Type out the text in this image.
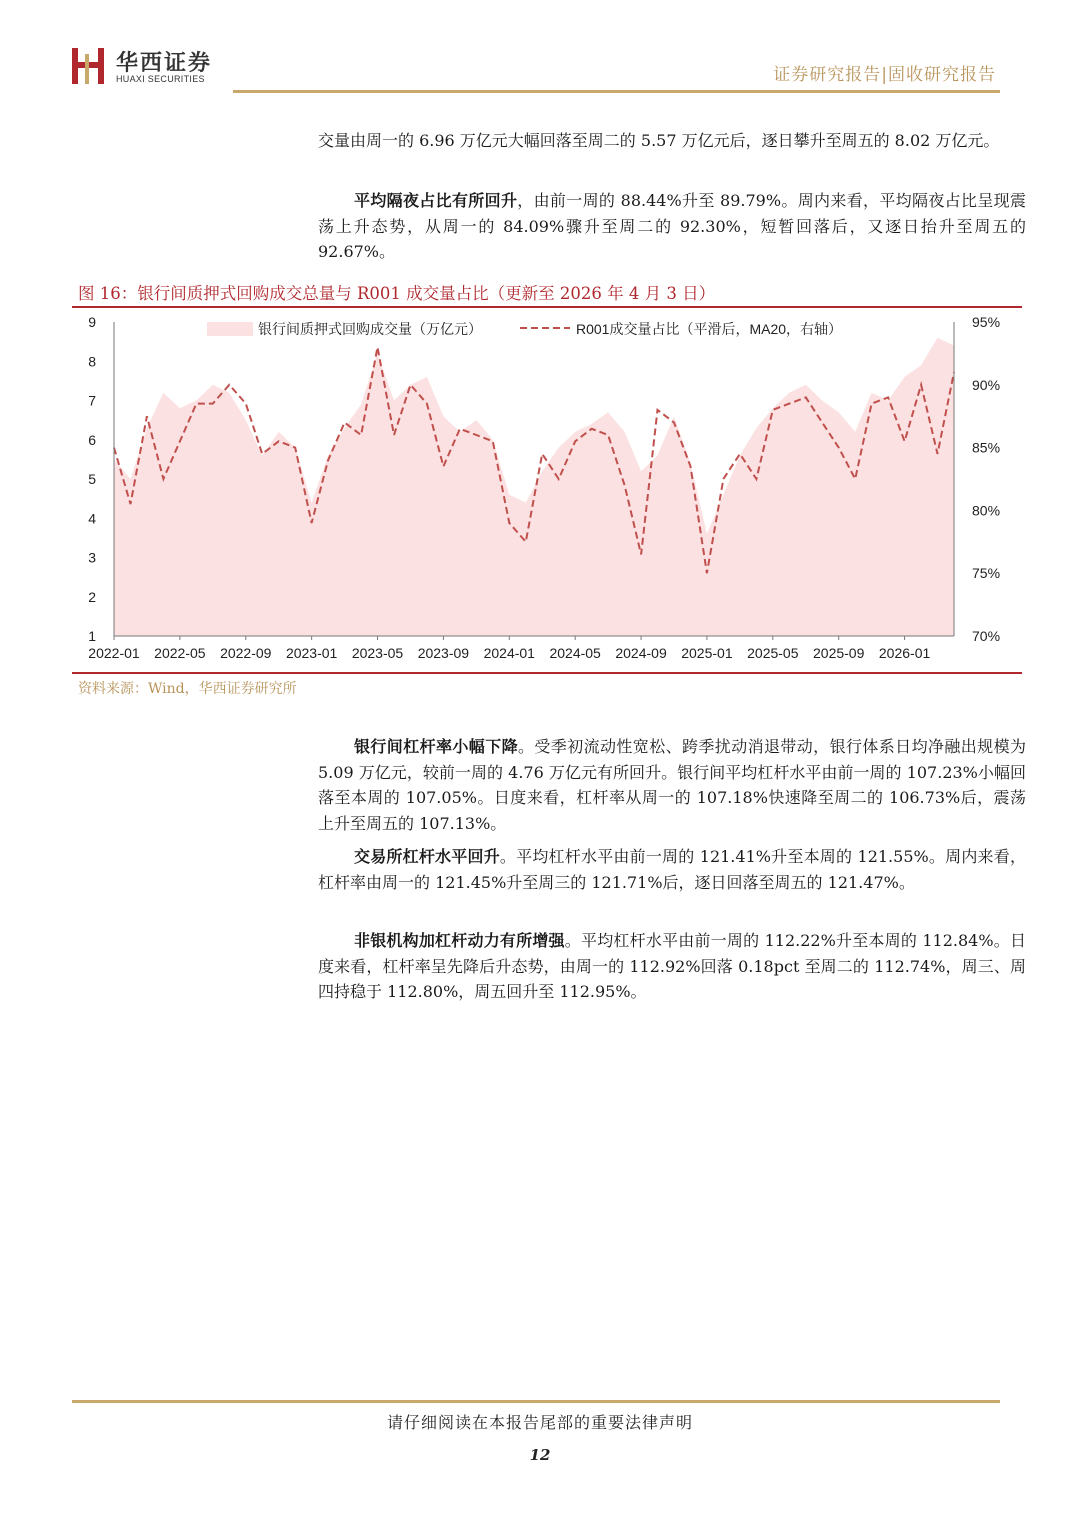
华西证券
HUAXI SECURITIES	证券研究报告|固收研究报告

交量由周一的 6.96 万亿元大幅回落至周二的 5.57 万亿元后，逐日攀升至周五的 8.02 万亿元。

平均隔夜占比有所回升，由前一周的 88.44%升至 89.79%。周内来看，平均隔夜占比呈现震荡上升态势，从周一的 84.09%骤升至周二的 92.30%，短暂回落后，又逐日抬升至周五的 92.67%。

图 16：银行间质押式回购成交总量与 R001 成交量占比（更新至 2026 年 4 月 3 日）
1
2
3
4
5
6
7
8
9
70%
75%
80%
85%
90%
95%
2022-01 2022-05 2022-09 2023-01 2023-05 2023-09 2024-01 2024-05 2024-09 2025-01 2025-05 2025-09 2026-01
银行间质押式回购成交量（万亿元）	R001成交量占比（平滑后，MA20，右轴）
资料来源：Wind，华西证券研究所

银行间杠杆率小幅下降。受季初流动性宽松、跨季扰动消退带动，银行体系日均净融出规模为 5.09 万亿元，较前一周的 4.76 万亿元有所回升。银行间平均杠杆水平由前一周的 107.23%小幅回落至本周的 107.05%。日度来看，杠杆率从周一的 107.18%快速降至周二的 106.73%后，震荡上升至周五的 107.13%。

交易所杠杆水平回升。平均杠杆水平由前一周的 121.41%升至本周的 121.55%。周内来看，杠杆率由周一的 121.45%升至周三的 121.71%后，逐日回落至周五的 121.47%。

非银机构加杠杆动力有所增强。平均杠杆水平由前一周的 112.22%升至本周的 112.84%。日度来看，杠杆率呈先降后升态势，由周一的 112.92%回落 0.18pct 至周二的 112.74%，周三、周四持稳于 112.80%，周五回升至 112.95%。

请仔细阅读在本报告尾部的重要法律声明
12
